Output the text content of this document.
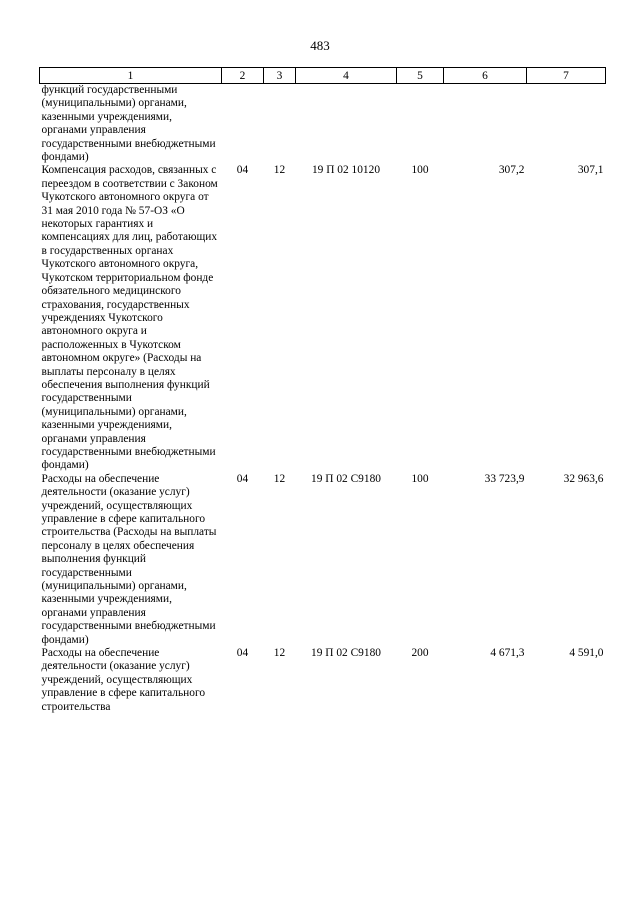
483
1	2	3	4	5	6	7
функций государственными (муниципальными) органами, казенными учреждениями, органами управления государственными внебюджетными фондами)						
Компенсация расходов, связанных с переездом в соответствии с Законом Чукотского автономного округа от 31 мая 2010 года № 57-ОЗ «О некоторых гарантиях и компенсациях для лиц, работающих в государственных органах Чукотского автономного округа, Чукотском территориальном фонде обязательного медицинского страхования, государственных учреждениях Чукотского автономного округа и расположенных в Чукотском автономном округе» (Расходы на выплаты персоналу в целях обеспечения выполнения функций государственными (муниципальными) органами, казенными учреждениями, органами управления государственными внебюджетными фондами)	04	12	19 П 02 10120	100	307,2	307,1
Расходы на обеспечение деятельности (оказание услуг) учреждений, осуществляющих управление в сфере капитального строительства (Расходы на выплаты персоналу в целях обеспечения выполнения функций государственными (муниципальными) органами, казенными учреждениями, органами управления государственными внебюджетными фондами)	04	12	19 П 02 С9180	100	33 723,9	32 963,6
Расходы на обеспечение деятельности (оказание услуг) учреждений, осуществляющих управление в сфере капитального строительства	04	12	19 П 02 С9180	200	4 671,3	4 591,0
